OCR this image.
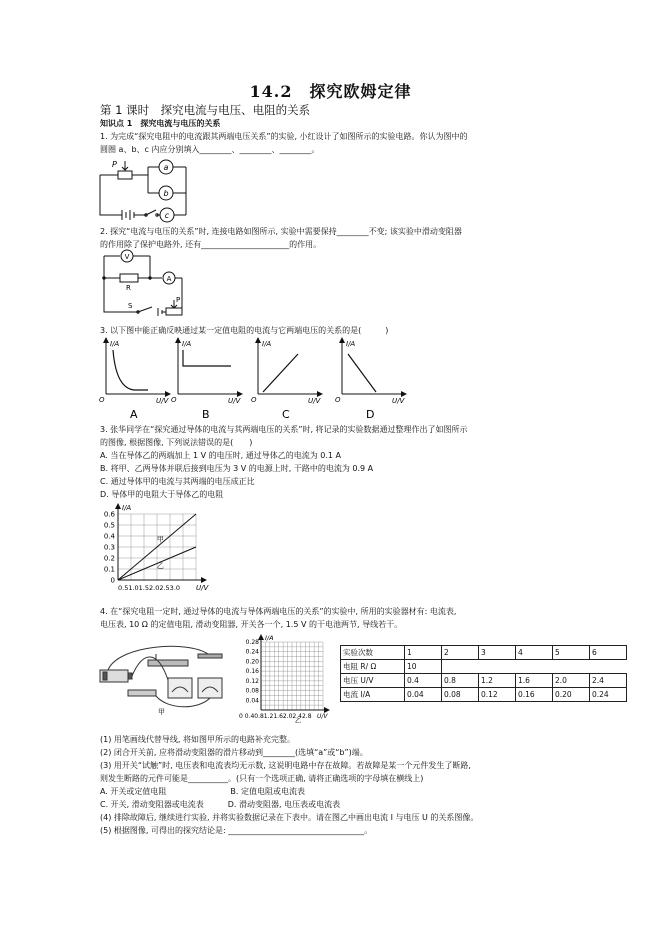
14.2　探究欧姆定律
第 1 课时　探究电流与电压、电阻的关系
知识点 1　探究电流与电压的关系
1. 为完成“探究电阻中的电流跟其两端电压关系”的实验, 小红设计了如图所示的实验电路。你认为图中的
圆圈 a、b、c 内应分别填入________、________、________。
P	a
b
c
2. 探究“电流与电压的关系”时, 连接电路如图所示, 实验中需要保持________不变; 该实验中滑动变阻器
的作用除了保护电路外, 还有______________________的作用。
V
A
R
S
P
3. 以下图中能正确反映通过某一定值电阻的电流与它两端电压的关系的是(　　　)
I/A
U/V
O
A
I/A
U/V
O
B
I/A
U/V
O
C
I/A
U/V
O
D
3. 张华同学在“探究通过导体的电流与其两端电压的关系”时, 将记录的实验数据通过整理作出了如图所示
的图像, 根据图像, 下列说法错误的是(　　)
A. 当在导体乙的两端加上 1 V 的电压时, 通过导体乙的电流为 0.1 A
B. 将甲、乙两导体并联后接到电压为 3 V 的电源上时, 干路中的电流为 0.9 A
C. 通过导体甲的电流与其两端的电压成正比
D. 导体甲的电阻大于导体乙的电阻
甲
乙
0.6
0.5
0.4
0.3
0.2
0.1
0
I/A
0.51.01.52.02.53.0 U/V
4. 在“探究电阻一定时, 通过导体的电流与导体两端电压的关系”的实验中, 所用的实验器材有: 电流表,
电压表, 10 Ω 的定值电阻, 滑动变阻器, 开关各一个, 1.5 V 的干电池两节, 导线若干。
甲
0.28
0.24
0.20
0.16
0.12
0.08
0.04
I/A
0 0.40.81.21.62.02.42.8 U/V
乙
实验次数	1	2	3	4	5	6
电阻 R/ Ω	10					
电压 U/V	0.4	0.8	1.2	1.6	2.0	2.4
电流 I/A	0.04	0.08	0.12	0.16	0.20	0.24
(1) 用笔画线代替导线, 将如图甲所示的电路补充完整。
(2) 闭合开关前, 应将滑动变阻器的滑片移动到________(选填“a”或“b”)端。
(3) 用开关“试触”时, 电压表和电流表均无示数, 这说明电路中存在故障。若故障是某一个元件发生了断路,
则发生断路的元件可能是__________。(只有一个选项正确, 请将正确选项的字母填在横线上)
A. 开关或定值电阻　　　　　　　　B. 定值电阻或电流表
C. 开关, 滑动变阻器或电流表　　　D. 滑动变阻器, 电压表或电流表
(4) 排除故障后, 继续进行实验, 并将实验数据记录在下表中。请在图乙中画出电流 I 与电压 U 的关系图像。
(5) 根据图像, 可得出的探究结论是: __________________________________。
